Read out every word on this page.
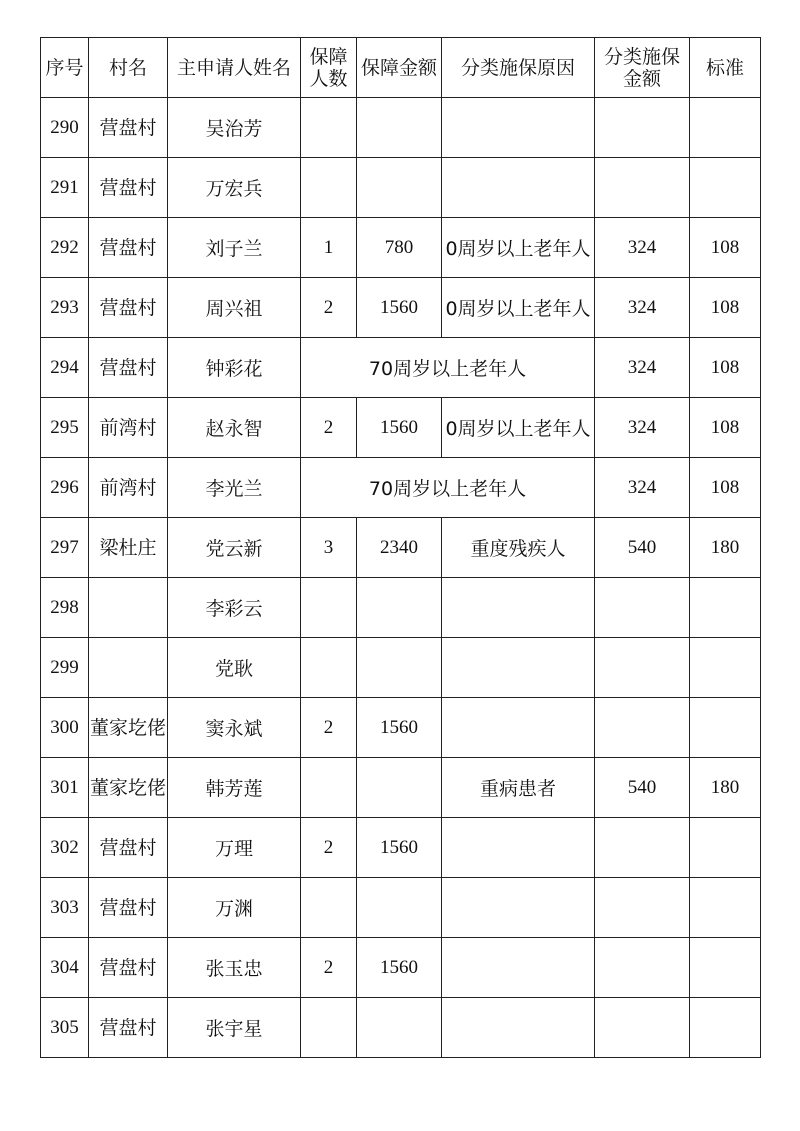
序号	村名	主申请人姓名	保障人数	保障金额	分类施保原因	分类施保金额	标准
290	营盘村	吴治芳					
291	营盘村	万宏兵					
292	营盘村	刘子兰	1	780	0周岁以上老年人	324	108
293	营盘村	周兴祖	2	1560	0周岁以上老年人	324	108
294	营盘村	钟彩花	70周岁以上老年人			324	108
295	前湾村	赵永智	2	1560	0周岁以上老年人	324	108
296	前湾村	李光兰	70周岁以上老年人			324	108
297	梁杜庄	党云新	3	2340	重度残疾人	540	180
298		李彩云					
299		党耿					
300	董家圪佬	窦永斌	2	1560			
301	董家圪佬	韩芳莲			重病患者	540	180
302	营盘村	万理	2	1560			
303	营盘村	万渊					
304	营盘村	张玉忠	2	1560			
305	营盘村	张宇星					
